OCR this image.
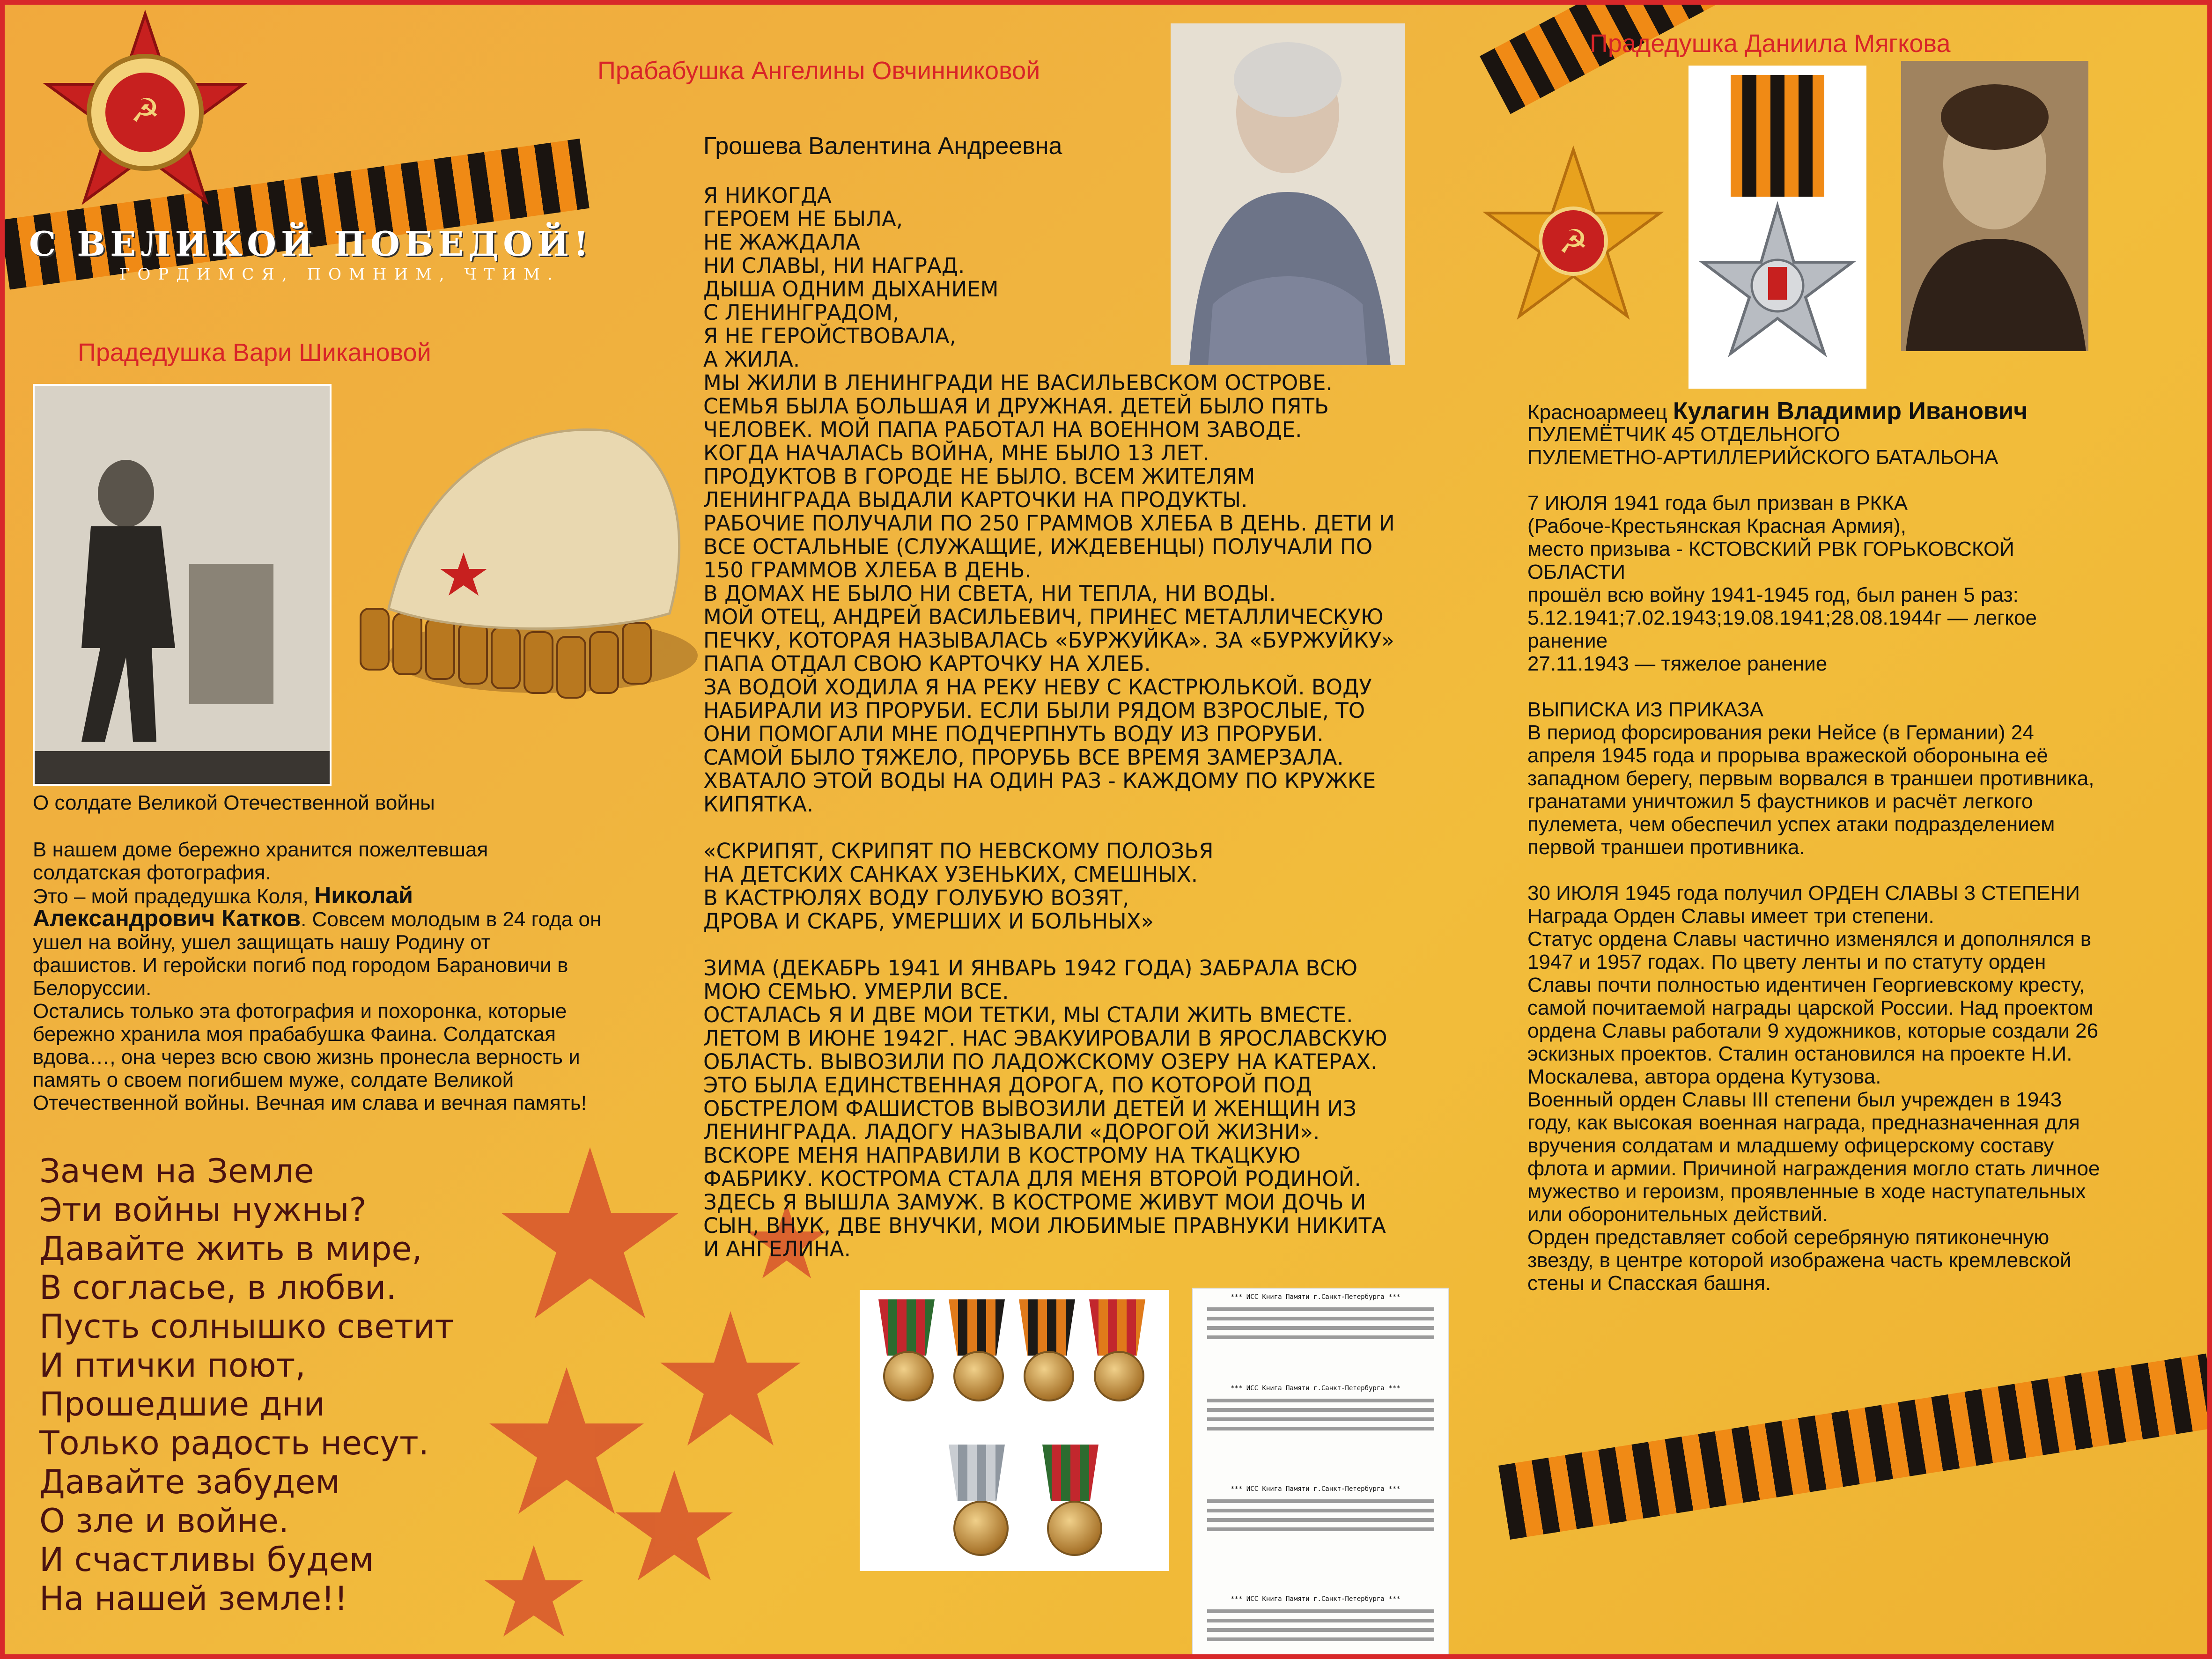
☭
С ВЕЛИКОЙ ПОБЕДОЙ!
ГОРДИМСЯ, ПОМНИМ, ЧТИМ.
Прадедушка Вари Шикановой
О солдате Великой Отечественной войны
В нашем доме бережно хранится пожелтевшая
солдатская фотография.
Это – мой прадедушка Коля, Николай
Александрович Катков. Совсем молодым в 24 года он
ушел на войну, ушел защищать нашу Родину от
фашистов. И геройски погиб под городом Барановичи в
Белоруссии.
Остались только эта фотография и похоронка, которые
бережно хранила моя прабабушка Фаина. Солдатская
вдова…, она через всю свою жизнь пронесла верность и
память о своем погибшем муже, солдате Великой
Отечественной войны. Вечная им слава и вечная память!
Зачем на Земле
Эти войны нужны?
Давайте жить в мире,
В согласье, в любви.
Пусть солнышко светит
И птички поют,
Прошедшие дни
Только радость несут.
Давайте забудем
О зле и войне.
И счастливы будем
На нашей земле!!
Прабабушка Ангелины Овчинниковой
Грошева Валентина Андреевна
Я НИКОГДА
ГЕРОЕМ НЕ БЫЛА,
НЕ ЖАЖДАЛА
НИ СЛАВЫ, НИ НАГРАД.
ДЫША ОДНИМ ДЫХАНИЕМ
С ЛЕНИНГРАДОМ,
Я НЕ ГЕРОЙСТВОВАЛА,
А ЖИЛА.
МЫ ЖИЛИ В ЛЕНИНГРАДИ НЕ ВАСИЛЬЕВСКОМ ОСТРОВЕ.
СЕМЬЯ БЫЛА БОЛЬШАЯ И ДРУЖНАЯ. ДЕТЕЙ БЫЛО ПЯТЬ
ЧЕЛОВЕК. МОЙ ПАПА РАБОТАЛ НА ВОЕННОМ ЗАВОДЕ.
КОГДА НАЧАЛАСЬ ВОЙНА, МНЕ БЫЛО 13 ЛЕТ.
ПРОДУКТОВ В ГОРОДЕ НЕ БЫЛО. ВСЕМ ЖИТЕЛЯМ
ЛЕНИНГРАДА ВЫДАЛИ КАРТОЧКИ НА ПРОДУКТЫ.
РАБОЧИЕ ПОЛУЧАЛИ ПО 250 ГРАММОВ ХЛЕБА В ДЕНЬ. ДЕТИ И
ВСЕ ОСТАЛЬНЫЕ (СЛУЖАЩИЕ, ИЖДЕВЕНЦЫ) ПОЛУЧАЛИ ПО
150 ГРАММОВ ХЛЕБА В ДЕНЬ.
В ДОМАХ НЕ БЫЛО НИ СВЕТА, НИ ТЕПЛА, НИ ВОДЫ.
МОЙ ОТЕЦ, АНДРЕЙ ВАСИЛЬЕВИЧ, ПРИНЕС МЕТАЛЛИЧЕСКУЮ
ПЕЧКУ, КОТОРАЯ НАЗЫВАЛАСЬ «БУРЖУЙКА». ЗА «БУРЖУЙКУ»
ПАПА ОТДАЛ СВОЮ КАРТОЧКУ НА ХЛЕБ.
ЗА ВОДОЙ ХОДИЛА Я НА РЕКУ НЕВУ С КАСТРЮЛЬКОЙ. ВОДУ
НАБИРАЛИ ИЗ ПРОРУБИ. ЕСЛИ БЫЛИ РЯДОМ ВЗРОСЛЫЕ, ТО
ОНИ ПОМОГАЛИ МНЕ ПОДЧЕРПНУТЬ ВОДУ ИЗ ПРОРУБИ.
САМОЙ БЫЛО ТЯЖЕЛО, ПРОРУБЬ ВСЕ ВРЕМЯ ЗАМЕРЗАЛА.
ХВАТАЛО ЭТОЙ ВОДЫ НА ОДИН РАЗ - КАЖДОМУ ПО КРУЖКЕ
КИПЯТКА.

«СКРИПЯТ, СКРИПЯТ ПО НЕВСКОМУ ПОЛОЗЬЯ
НА ДЕТСКИХ САНКАХ УЗЕНЬКИХ, СМЕШНЫХ.
В КАСТРЮЛЯХ ВОДУ ГОЛУБУЮ ВОЗЯТ,
ДРОВА И СКАРБ, УМЕРШИХ И БОЛЬНЫХ»

ЗИМА (ДЕКАБРЬ 1941 И ЯНВАРЬ 1942 ГОДА) ЗАБРАЛА ВСЮ
МОЮ СЕМЬЮ. УМЕРЛИ ВСЕ.
ОСТАЛАСЬ Я И ДВЕ МОИ ТЕТКИ, МЫ СТАЛИ ЖИТЬ ВМЕСТЕ.
ЛЕТОМ В ИЮНЕ 1942Г. НАС ЭВАКУИРОВАЛИ В ЯРОСЛАВСКУЮ
ОБЛАСТЬ. ВЫВОЗИЛИ ПО ЛАДОЖСКОМУ ОЗЕРУ НА КАТЕРАХ.
ЭТО БЫЛА ЕДИНСТВЕННАЯ ДОРОГА, ПО КОТОРОЙ ПОД
ОБСТРЕЛОМ ФАШИСТОВ ВЫВОЗИЛИ ДЕТЕЙ И ЖЕНЩИН ИЗ
ЛЕНИНГРАДА. ЛАДОГУ НАЗЫВАЛИ «ДОРОГОЙ ЖИЗНИ».
ВСКОРЕ МЕНЯ НАПРАВИЛИ В КОСТРОМУ НА ТКАЦКУЮ
ФАБРИКУ. КОСТРОМА СТАЛА ДЛЯ МЕНЯ ВТОРОЙ РОДИНОЙ.
ЗДЕСЬ Я ВЫШЛА ЗАМУЖ. В КОСТРОМЕ ЖИВУТ МОИ ДОЧЬ И
СЫН, ВНУК, ДВЕ ВНУЧКИ, МОИ ЛЮБИМЫЕ ПРАВНУКИ НИКИТА
И АНГЕЛИНА.
*** ИСС Книга Памяти г.Санкт-Петербурга ***
*** ИСС Книга Памяти г.Санкт-Петербурга ***
*** ИСС Книга Памяти г.Санкт-Петербурга ***
*** ИСС Книга Памяти г.Санкт-Петербурга ***
Прадедушка Даниила Мягкова
☭
Красноармеец Кулагин Владимир Иванович
ПУЛЕМЁТЧИК 45 ОТДЕЛЬНОГО
ПУЛЕМЕТНО-АРТИЛЛЕРИЙСКОГО БАТАЛЬОНА

7 ИЮЛЯ 1941 года был призван в РККА
(Рабоче-Крестьянская Красная Армия),
место призыва - КСТОВСКИЙ РВК ГОРЬКОВСКОЙ
ОБЛАСТИ
прошёл всю войну 1941-1945 год, был ранен 5 раз:
5.12.1941;7.02.1943;19.08.1941;28.08.1944г — легкое
ранение
27.11.1943 — тяжелое ранение

ВЫПИСКА ИЗ ПРИКАЗА
В период форсирования реки Нейсе (в Германии) 24
апреля 1945 года и прорыва вражеской оборонына её
западном берегу, первым ворвался в траншеи противника,
гранатами уничтожил 5 фаустников и расчёт легкого
пулемета, чем обеспечил успех атаки подразделением
первой траншеи противника.

30 ИЮЛЯ 1945 года получил ОРДЕН СЛАВЫ 3 СТЕПЕНИ
Награда Орден Славы имеет три степени.
Статус ордена Славы частично изменялся и дополнялся в
1947 и 1957 годах. По цвету ленты и по статуту орден
Славы почти полностью идентичен Георгиевскому кресту,
самой почитаемой награды царской России. Над проектом
ордена Славы работали 9 художников, которые создали 26
эскизных проектов. Сталин остановился на проекте Н.И.
Москалева, автора ордена Кутузова.
Военный орден Славы III степени был учрежден в 1943
году, как высокая военная награда, предназначенная для
вручения солдатам и младшему офицерскому составу
флота и армии. Причиной награждения могло стать личное
мужество и героизм, проявленные в ходе наступательных
или оборонительных действий.
Орден представляет собой серебряную пятиконечную
звезду, в центре которой изображена часть кремлевской
стены и Спасская башня.
